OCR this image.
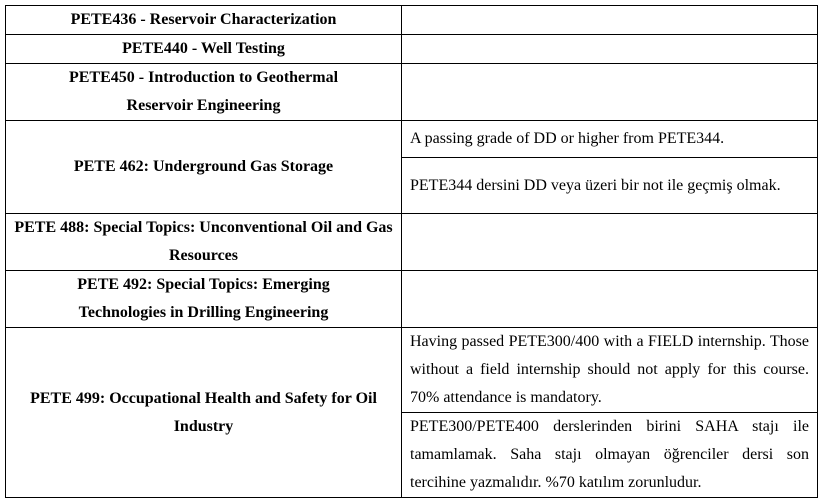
PETE436 - Reservoir Characterization	

PETE440 - Well Testing	

PETE450 - Introduction to Geothermal Reservoir Engineering	

PETE 462: Underground Gas Storage	A passing grade of DD or higher from PETE344.

	PETE344 dersini DD veya üzeri bir not ile geçmiş olmak.

PETE 488: Special Topics: Unconventional Oil and Gas Resources	

PETE 492: Special Topics: Emerging Technologies in Drilling Engineering	

PETE 499: Occupational Health and Safety for Oil Industry	Having passed PETE300/400 with a FIELD internship. Those without a field internship should not apply for this course. 70% attendance is mandatory.

	PETE300/PETE400 derslerinden birini SAHA stajı ile tamamlamak. Saha stajı olmayan öğrenciler dersi son tercihine yazmalıdır. %70 katılım zorunludur.
